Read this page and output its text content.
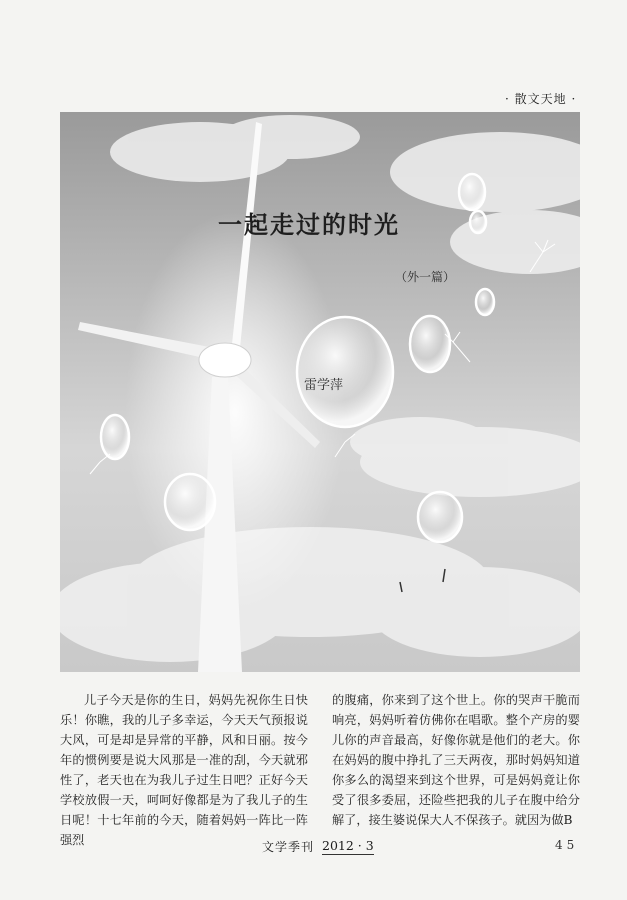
· 散文天地 ·
一起走过的时光
（外一篇）
雷学萍

儿子今天是你的生日，妈妈先祝你生日快乐！你瞧，我的儿子多幸运，今天天气预报说大风，可是却是异常的平静，风和日丽。按今年的惯例要是说大风那是一准的刮，今天就邪性了，老天也在为我儿子过生日吧？正好今天学校放假一天，呵呵好像都是为了我儿子的生日呢！十七年前的今天，随着妈妈一阵比一阵强烈

的腹痛，你来到了这个世上。你的哭声干脆而响亮，妈妈听着仿佛你在唱歌。整个产房的婴儿你的声音最高，好像你就是他们的老大。你在妈妈的腹中挣扎了三天两夜，那时妈妈知道你多么的渴望来到这个世界，可是妈妈竟让你受了很多委屈，还险些把我的儿子在腹中给分解了，接生婆说保大人不保孩子。就因为做B

文学季刊 2012 · 3	45
